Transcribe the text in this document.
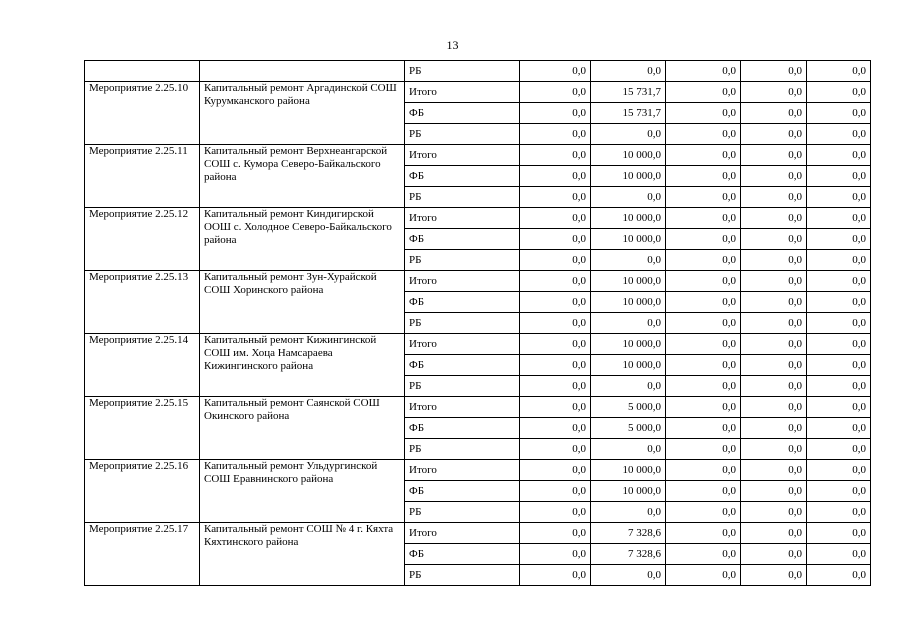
13
		РБ	0,0	0,0	0,0	0,0	0,0
Мероприятие 2.25.10	Капитальный ремонт Аргадинской СОШ Курумканского района	Итого	0,0	15 731,7	0,0	0,0	0,0
		ФБ	0,0	15 731,7	0,0	0,0	0,0
		РБ	0,0	0,0	0,0	0,0	0,0
Мероприятие 2.25.11	Капитальный ремонт Верхнеангарской СОШ с. Кумора Северо-Байкальского района	Итого	0,0	10 000,0	0,0	0,0	0,0
		ФБ	0,0	10 000,0	0,0	0,0	0,0
		РБ	0,0	0,0	0,0	0,0	0,0
Мероприятие 2.25.12	Капитальный ремонт Киндигирской ООШ с. Холодное Северо-Байкальского района	Итого	0,0	10 000,0	0,0	0,0	0,0
		ФБ	0,0	10 000,0	0,0	0,0	0,0
		РБ	0,0	0,0	0,0	0,0	0,0
Мероприятие 2.25.13	Капитальный ремонт Зун-Хурайской СОШ Хоринского района	Итого	0,0	10 000,0	0,0	0,0	0,0
		ФБ	0,0	10 000,0	0,0	0,0	0,0
		РБ	0,0	0,0	0,0	0,0	0,0
Мероприятие 2.25.14	Капитальный ремонт Кижингинской СОШ им. Хоца Намсараева Кижингинского района	Итого	0,0	10 000,0	0,0	0,0	0,0
		ФБ	0,0	10 000,0	0,0	0,0	0,0
		РБ	0,0	0,0	0,0	0,0	0,0
Мероприятие 2.25.15	Капитальный ремонт Саянской СОШ Окинского района	Итого	0,0	5 000,0	0,0	0,0	0,0
		ФБ	0,0	5 000,0	0,0	0,0	0,0
		РБ	0,0	0,0	0,0	0,0	0,0
Мероприятие 2.25.16	Капитальный ремонт Ульдургинской СОШ Еравнинского района	Итого	0,0	10 000,0	0,0	0,0	0,0
		ФБ	0,0	10 000,0	0,0	0,0	0,0
		РБ	0,0	0,0	0,0	0,0	0,0
Мероприятие 2.25.17	Капитальный ремонт СОШ № 4 г. Кяхта Кяхтинского района	Итого	0,0	7 328,6	0,0	0,0	0,0
		ФБ	0,0	7 328,6	0,0	0,0	0,0
		РБ	0,0	0,0	0,0	0,0	0,0
